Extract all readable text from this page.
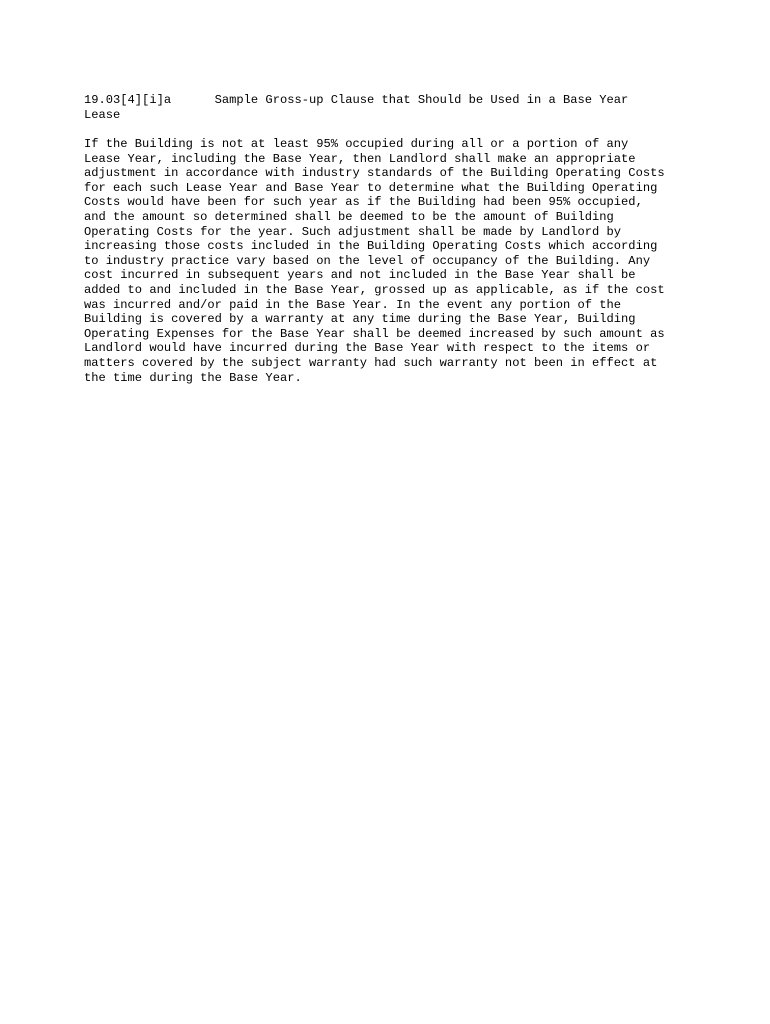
19.03[4][i]a      Sample Gross-up Clause that Should be Used in a Base Year
Lease

If the Building is not at least 95% occupied during all or a portion of any
Lease Year, including the Base Year, then Landlord shall make an appropriate
adjustment in accordance with industry standards of the Building Operating Costs
for each such Lease Year and Base Year to determine what the Building Operating
Costs would have been for such year as if the Building had been 95% occupied,
and the amount so determined shall be deemed to be the amount of Building
Operating Costs for the year. Such adjustment shall be made by Landlord by
increasing those costs included in the Building Operating Costs which according
to industry practice vary based on the level of occupancy of the Building. Any
cost incurred in subsequent years and not included in the Base Year shall be
added to and included in the Base Year, grossed up as applicable, as if the cost
was incurred and/or paid in the Base Year. In the event any portion of the
Building is covered by a warranty at any time during the Base Year, Building
Operating Expenses for the Base Year shall be deemed increased by such amount as
Landlord would have incurred during the Base Year with respect to the items or
matters covered by the subject warranty had such warranty not been in effect at
the time during the Base Year.
